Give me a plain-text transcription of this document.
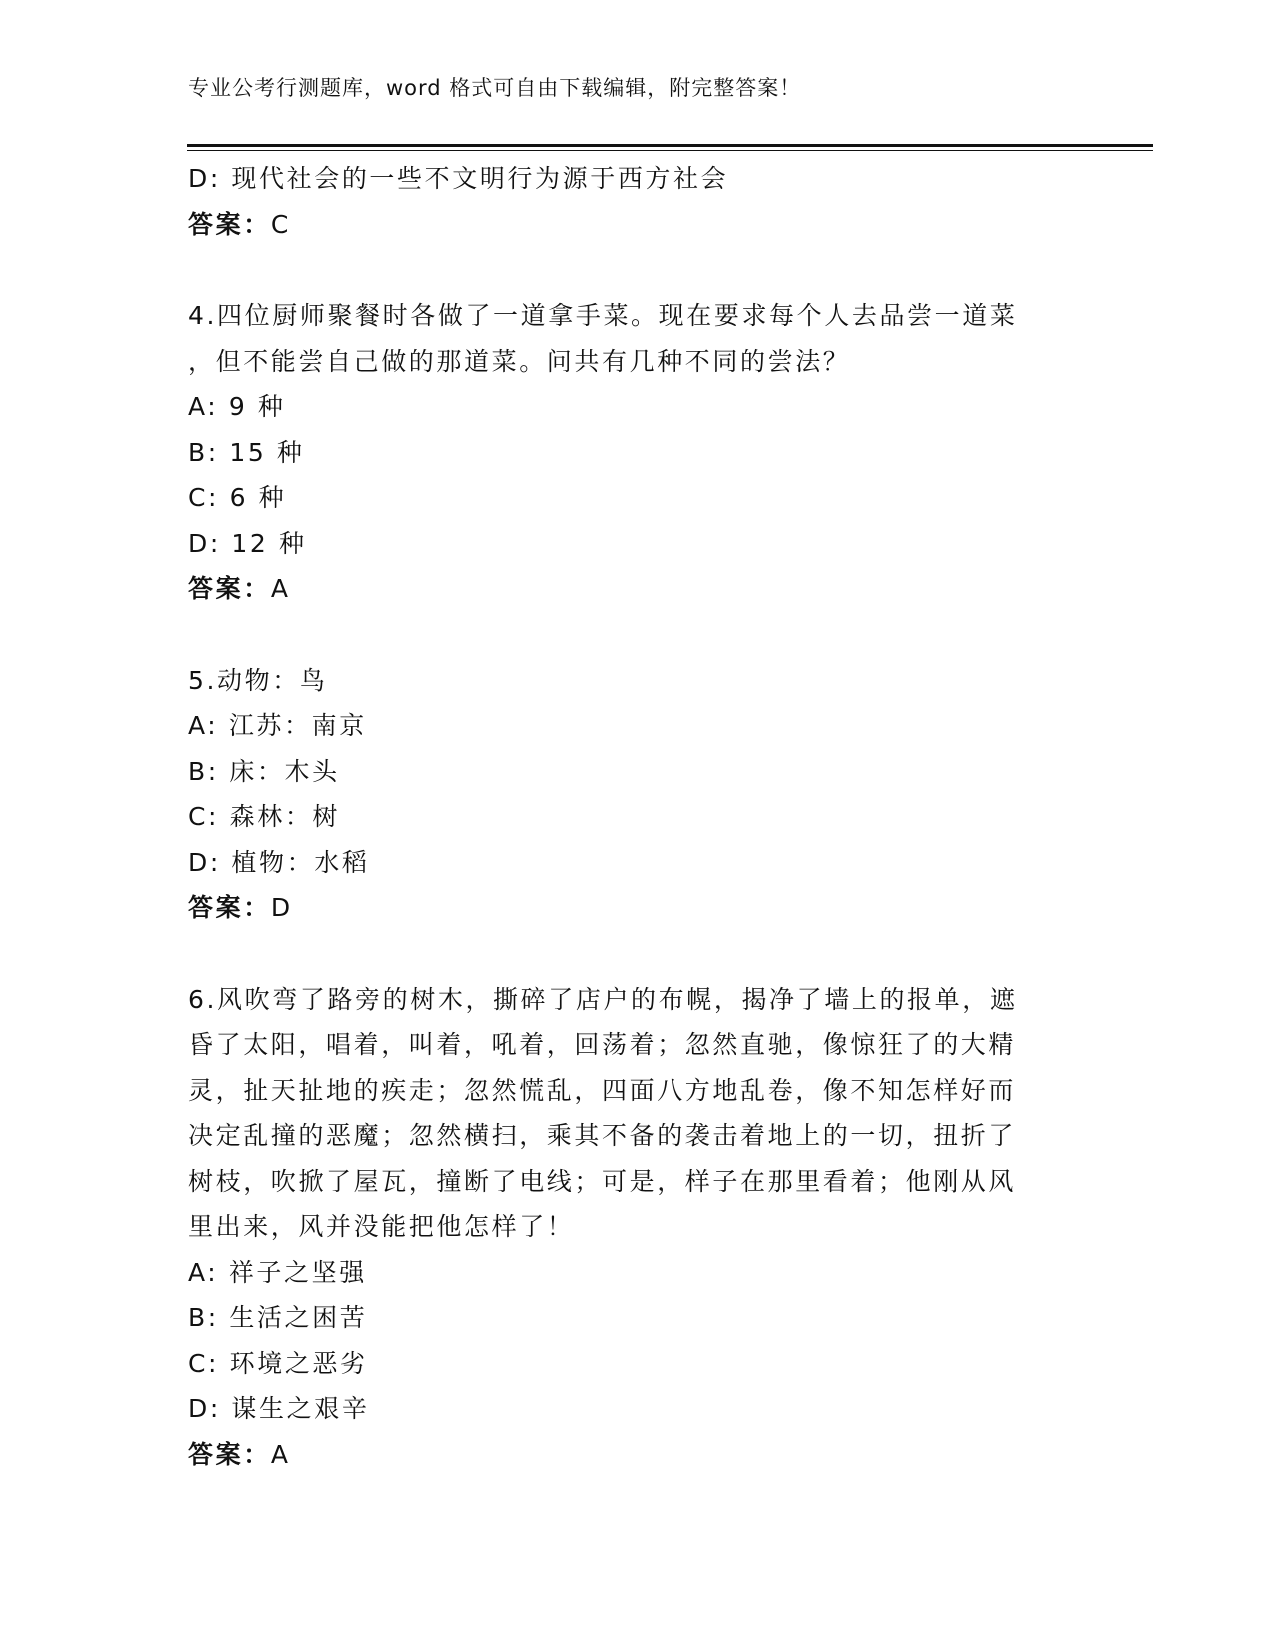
专业公考行测题库，word 格式可自由下载编辑，附完整答案！
D: 现代社会的一些不文明行为源于西方社会
答案：C
4.四位厨师聚餐时各做了一道拿手菜。现在要求每个人去品尝一道菜
，但不能尝自己做的那道菜。问共有几种不同的尝法？
A: 9 种
B: 15 种
C: 6 种
D: 12 种
答案：A
5.动物：鸟
A: 江苏：南京
B: 床：木头
C: 森林：树
D: 植物：水稻
答案：D
6.风吹弯了路旁的树木，撕碎了店户的布幌，揭净了墙上的报单，遮
昏了太阳，唱着，叫着，吼着，回荡着；忽然直驰，像惊狂了的大精
灵，扯天扯地的疾走；忽然慌乱，四面八方地乱卷，像不知怎样好而
决定乱撞的恶魔；忽然横扫，乘其不备的袭击着地上的一切，扭折了
树枝，吹掀了屋瓦，撞断了电线；可是，样子在那里看着；他刚从风
里出来，风并没能把他怎样了！
A: 祥子之坚强
B: 生活之困苦
C: 环境之恶劣
D: 谋生之艰辛
答案：A
